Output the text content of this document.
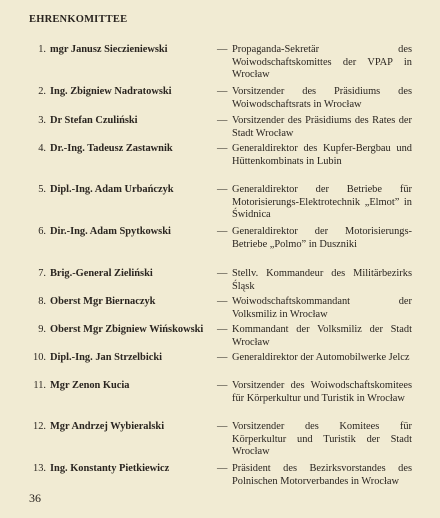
EHRENKOMITTEE
1. mgr Janusz Sieczieniewski	— Propaganda-Sekretär des Woiwodschaftskomittes der VPAP in Wrocław
2. Ing. Zbigniew Nadratowski	— Vorsitzender des Präsidiums des Woiwodschaftsrats in Wrocław
3. Dr Stefan Czuliński	— Vorsitzender des Präsidiums des Rates der Stadt Wrocław
4. Dr.-Ing. Tadeusz Zastawnik	— Generaldirektor des Kupfer-Bergbau und Hüttenkombinats in Lubin
5. Dipl.-Ing. Adam Urbańczyk	— Generaldirektor der Betriebe für Motorisierungs-Elektrotechnik „Elmot” in Świdnica
6. Dir.-Ing. Adam Spytkowski	— Generaldirektor der Motorisierungs-Betriebe „Polmo” in Duszniki
7. Brig.-General Zieliński	— Stellv. Kommandeur des Militärbezirks Śląsk
8. Oberst Mgr Biernaczyk	— Woiwodschaftskommandant der Volksmiliz in Wrocław
9. Oberst Mgr Zbigniew Wińskowski — Kommandant der Volksmiliz der Stadt Wrocław
10. Dipl.-Ing. Jan Strzelbicki	— Generaldirektor der Automobilwerke Jelcz
11. Mgr Zenon Kucia	— Vorsitzender des Woiwodschaftskomitees für Körperkultur und Turistik in Wrocław
12. Mgr Andrzej Wybieralski	— Vorsitzender des Komitees für Körperkultur und Turistik der Stadt Wrocław
13. Ing. Konstanty Pietkiewicz	— Präsident des Bezirksvorstandes des Polnischen Motorverbandes in Wrocław
36
